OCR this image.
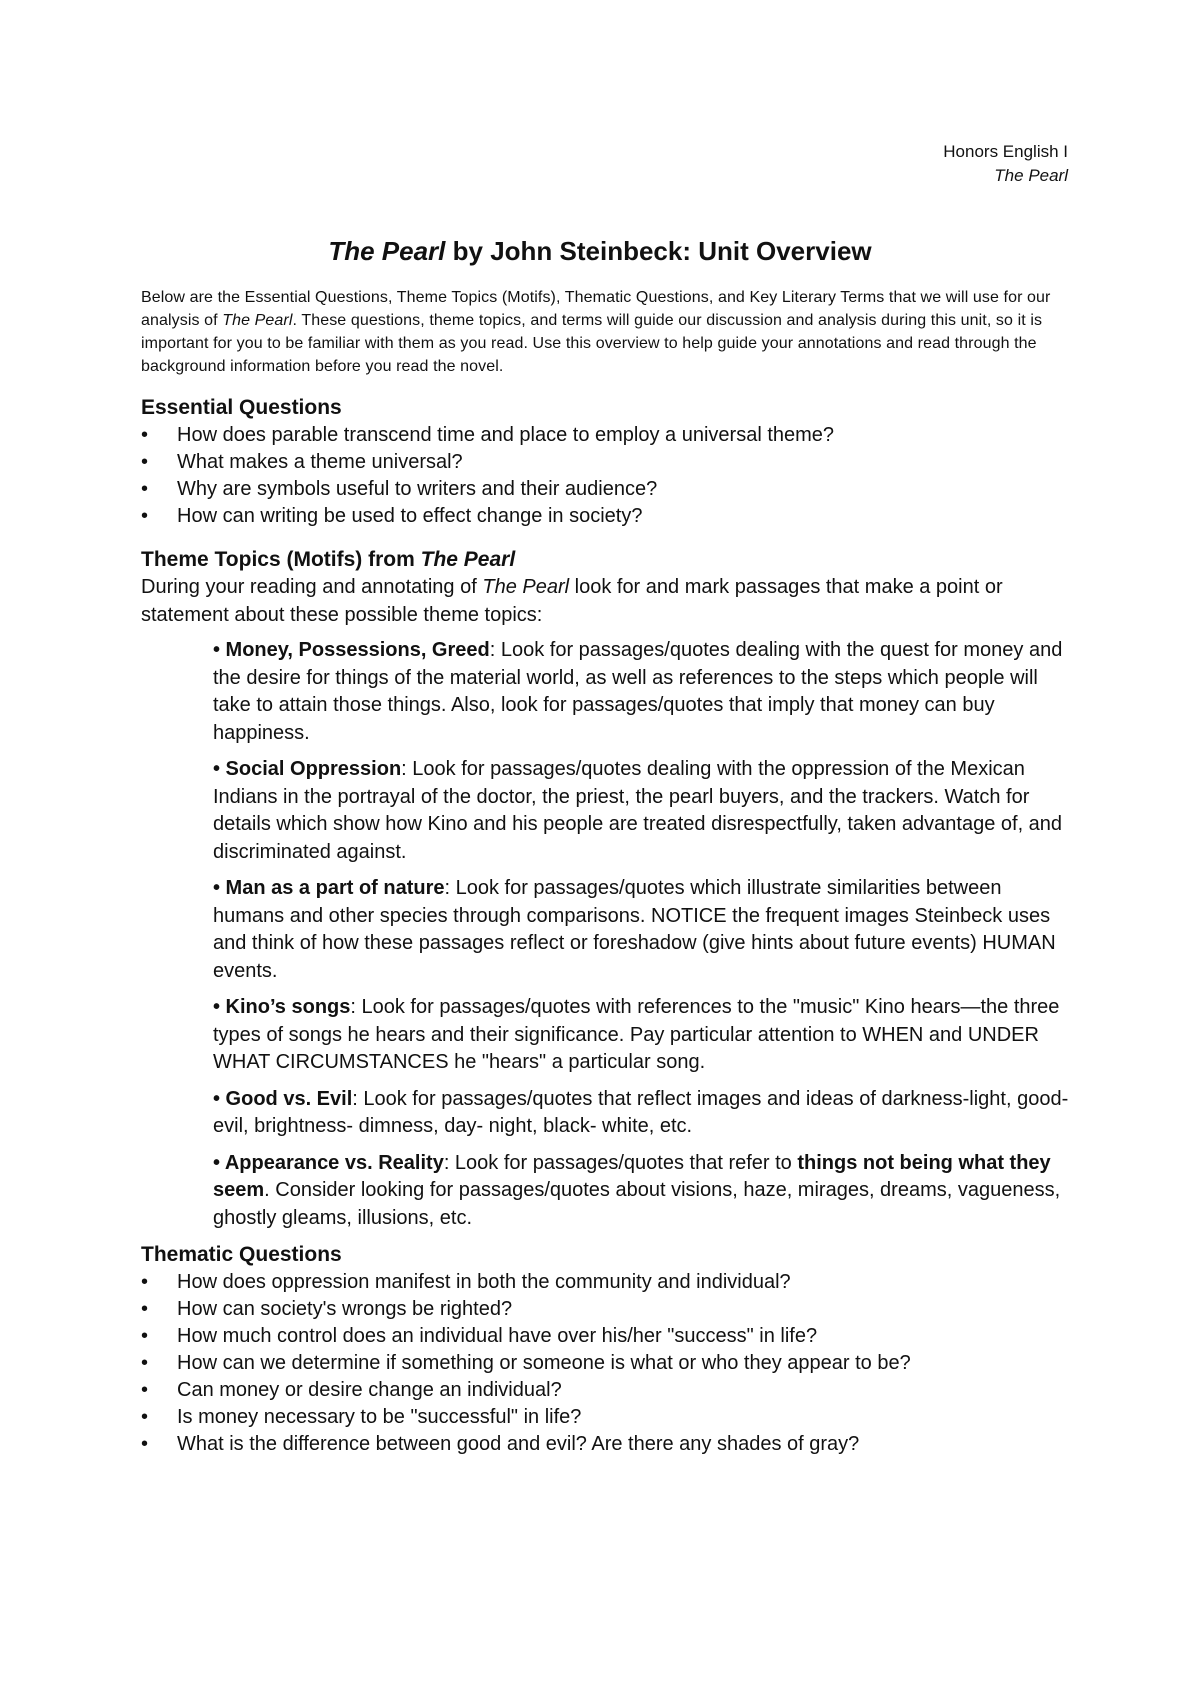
Honors English I
The Pearl
The Pearl by John Steinbeck: Unit Overview

Below are the Essential Questions, Theme Topics (Motifs), Thematic Questions, and Key Literary Terms that we will use for our analysis of The Pearl. These questions, theme topics, and terms will guide our discussion and analysis during this unit, so it is important for you to be familiar with them as you read. Use this overview to help guide your annotations and read through the background information before you read the novel.

Essential Questions
• How does parable transcend time and place to employ a universal theme?
• What makes a theme universal?
• Why are symbols useful to writers and their audience?
• How can writing be used to effect change in society?
Theme Topics (Motifs) from The Pearl

During your reading and annotating of The Pearl look for and mark passages that make a point or statement about these possible theme topics:

• Money, Possessions, Greed: Look for passages/quotes dealing with the quest for money and the desire for things of the material world, as well as references to the steps which people will take to attain those things. Also, look for passages/quotes that imply that money can buy happiness.

• Social Oppression: Look for passages/quotes dealing with the oppression of the Mexican Indians in the portrayal of the doctor, the priest, the pearl buyers, and the trackers. Watch for details which show how Kino and his people are treated disrespectfully, taken advantage of, and discriminated against.

• Man as a part of nature: Look for passages/quotes which illustrate similarities between humans and other species through comparisons. NOTICE the frequent images Steinbeck uses and think of how these passages reflect or foreshadow (give hints about future events) HUMAN events.

• Kino’s songs: Look for passages/quotes with references to the "music" Kino hears—the three types of songs he hears and their significance. Pay particular attention to WHEN and UNDER WHAT CIRCUMSTANCES he "hears" a particular song.

• Good vs. Evil: Look for passages/quotes that reflect images and ideas of darkness-light, good- evil, brightness- dimness, day- night, black- white, etc.

• Appearance vs. Reality: Look for passages/quotes that refer to things not being what they seem. Consider looking for passages/quotes about visions, haze, mirages, dreams, vagueness, ghostly gleams, illusions, etc.

Thematic Questions
• How does oppression manifest in both the community and individual?
• How can society's wrongs be righted?
• How much control does an individual have over his/her "success" in life?
• How can we determine if something or someone is what or who they appear to be?
• Can money or desire change an individual?
• Is money necessary to be "successful" in life?
• What is the difference between good and evil? Are there any shades of gray?
